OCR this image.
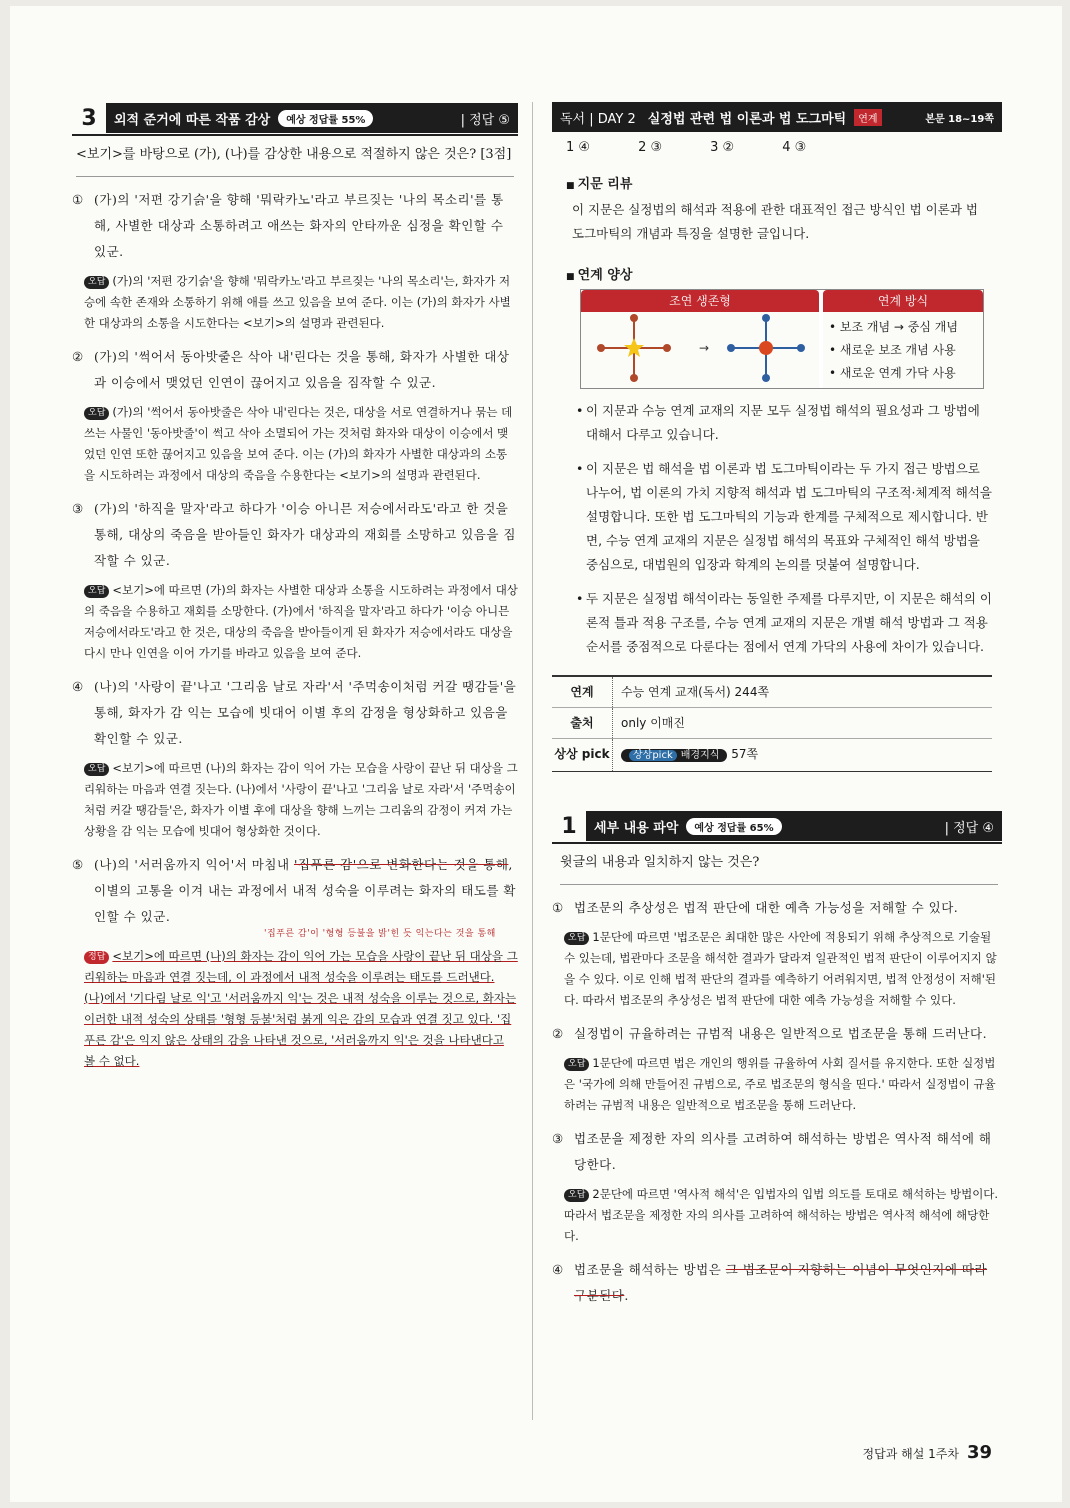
3	외적 준거에 따른 작품 감상	예상 정답률 55%	| 정답 ⑤
<보기>를 바탕으로 (가), (나)를 감상한 내용으로 적절하지 않은 것은? [3점]
① (가)의 '저편 강기슭'을 향해 '뭐락카노'라고 부르짖는 '나의 목소리'를 통해, 사별한 대상과 소통하려고 애쓰는 화자의 안타까운 심정을 확인할 수 있군.
오답 (가)의 '저편 강기슭'을 향해 '뭐락카노'라고 부르짖는 '나의 목소리'는, 화자가 저승에 속한 존재와 소통하기 위해 애를 쓰고 있음을 보여 준다. 이는 (가)의 화자가 사별한 대상과의 소통을 시도한다는 <보기>의 설명과 관련된다.
② (가)의 '썩어서 동아밧줄은 삭아 내'린다는 것을 통해, 화자가 사별한 대상과 이승에서 맺었던 인연이 끊어지고 있음을 짐작할 수 있군.
오답 (가)의 '썩어서 동아밧줄은 삭아 내'린다는 것은, 대상을 서로 연결하거나 묶는 데 쓰는 사물인 '동아밧줄'이 썩고 삭아 소멸되어 가는 것처럼 화자와 대상이 이승에서 맺었던 인연 또한 끊어지고 있음을 보여 준다. 이는 (가)의 화자가 사별한 대상과의 소통을 시도하려는 과정에서 대상의 죽음을 수용한다는 <보기>의 설명과 관련된다.
③ (가)의 '하직을 말자'라고 하다가 '이승 아니믄 저승에서라도'라고 한 것을 통해, 대상의 죽음을 받아들인 화자가 대상과의 재회를 소망하고 있음을 짐작할 수 있군.
오답 <보기>에 따르면 (가)의 화자는 사별한 대상과 소통을 시도하려는 과정에서 대상의 죽음을 수용하고 재회를 소망한다. (가)에서 '하직을 말자'라고 하다가 '이승 아니믄 저승에서라도'라고 한 것은, 대상의 죽음을 받아들이게 된 화자가 저승에서라도 대상을 다시 만나 인연을 이어 가기를 바라고 있음을 보여 준다.
④ (나)의 '사랑이 끝'나고 '그리움 날로 자라'서 '주먹송이처럼 커갈 땡감들'을 통해, 화자가 감 익는 모습에 빗대어 이별 후의 감정을 형상화하고 있음을 확인할 수 있군.
오답 <보기>에 따르면 (나)의 화자는 감이 익어 가는 모습을 사랑이 끝난 뒤 대상을 그리워하는 마음과 연결 짓는다. (나)에서 '사랑이 끝'나고 '그리움 날로 자라'서 '주먹송이처럼 커갈 땡감들'은, 화자가 이별 후에 대상을 향해 느끼는 그리움의 감정이 커져 가는 상황을 감 익는 모습에 빗대어 형상화한 것이다.
⑤ (나)의 '서러움까지 익어'서 마침내 '집푸른 감'으로 변화한다는 것을 통해, 이별의 고통을 이겨 내는 과정에서 내적 성숙을 이루려는 화자의 태도를 확인할 수 있군.
'집푸른 감'이 '형형 등불을 밝'힌 듯 익는다는 것을 통해
정답 <보기>에 따르면 (나)의 화자는 감이 익어 가는 모습을 사랑이 끝난 뒤 대상을 그리워하는 마음과 연결 짓는데, 이 과정에서 내적 성숙을 이루려는 태도를 드러낸다. (나)에서 '기다림 날로 익'고 '서러움까지 익'는 것은 내적 성숙을 이루는 것으로, 화자는 이러한 내적 성숙의 상태를 '형형 등불'처럼 붉게 익은 감의 모습과 연결 짓고 있다. '집푸른 감'은 익지 않은 상태의 감을 나타낸 것으로, '서러움까지 익'은 것을 나타낸다고 볼 수 없다.
독서 | DAY 2 실정법 관련 법 이론과 법 도그마틱	연계	본문 18~19쪽
1 ④	2 ③	3 ②	4 ③
■ 지문 리뷰
이 지문은 실정법의 해석과 적용에 관한 대표적인 접근 방식인 법 이론과 법 도그마틱의 개념과 특징을 설명한 글입니다.
■ 연계 양상
조연 생존형
→
연계 방식
• 보조 개념 → 중심 개념
• 새로운 보조 개념 사용
• 새로운 연계 가닥 사용
• 이 지문과 수능 연계 교재의 지문 모두 실정법 해석의 필요성과 그 방법에 대해서 다루고 있습니다.
• 이 지문은 법 해석을 법 이론과 법 도그마틱이라는 두 가지 접근 방법으로 나누어, 법 이론의 가치 지향적 해석과 법 도그마틱의 구조적·체계적 해석을 설명합니다. 또한 법 도그마틱의 기능과 한계를 구체적으로 제시합니다. 반면, 수능 연계 교재의 지문은 실정법 해석의 목표와 구체적인 해석 방법을 중심으로, 대법원의 입장과 학계의 논의를 덧붙여 설명합니다.
• 두 지문은 실정법 해석이라는 동일한 주제를 다루지만, 이 지문은 해석의 이론적 틀과 적용 구조를, 수능 연계 교재의 지문은 개별 해석 방법과 그 적용 순서를 중점적으로 다룬다는 점에서 연계 가닥의 사용에 차이가 있습니다.
연계	수능 연계 교재(독서) 244쪽
출처	only 이매진
상상 pick	상상pick 배경지식 57쪽
1	세부 내용 파악	예상 정답률 65%	| 정답 ④
윗글의 내용과 일치하지 않는 것은?
① 법조문의 추상성은 법적 판단에 대한 예측 가능성을 저해할 수 있다.
오답 1문단에 따르면 '법조문은 최대한 많은 사안에 적용되기 위해 추상적으로 기술될 수 있는데, 법관마다 조문을 해석한 결과가 달라져 일관적인 법적 판단이 이루어지지 않을 수 있다. 이로 인해 법적 판단의 결과를 예측하기 어려워지면, 법적 안정성이 저해'된다. 따라서 법조문의 추상성은 법적 판단에 대한 예측 가능성을 저해할 수 있다.
② 실정법이 규율하려는 규범적 내용은 일반적으로 법조문을 통해 드러난다.
오답 1문단에 따르면 법은 개인의 행위를 규율하여 사회 질서를 유지한다. 또한 실정법은 '국가에 의해 만들어진 규범으로, 주로 법조문의 형식을 띤다.' 따라서 실정법이 규율하려는 규범적 내용은 일반적으로 법조문을 통해 드러난다.
③ 법조문을 제정한 자의 의사를 고려하여 해석하는 방법은 역사적 해석에 해당한다.
오답 2문단에 따르면 '역사적 해석'은 입법자의 입법 의도를 토대로 해석하는 방법이다. 따라서 법조문을 제정한 자의 의사를 고려하여 해석하는 방법은 역사적 해석에 해당한다.
④ 법조문을 해석하는 방법은 그 법조문이 지향하는 이념이 무엇인지에 따라 구분된다.
정답과 해설 1주차 39
